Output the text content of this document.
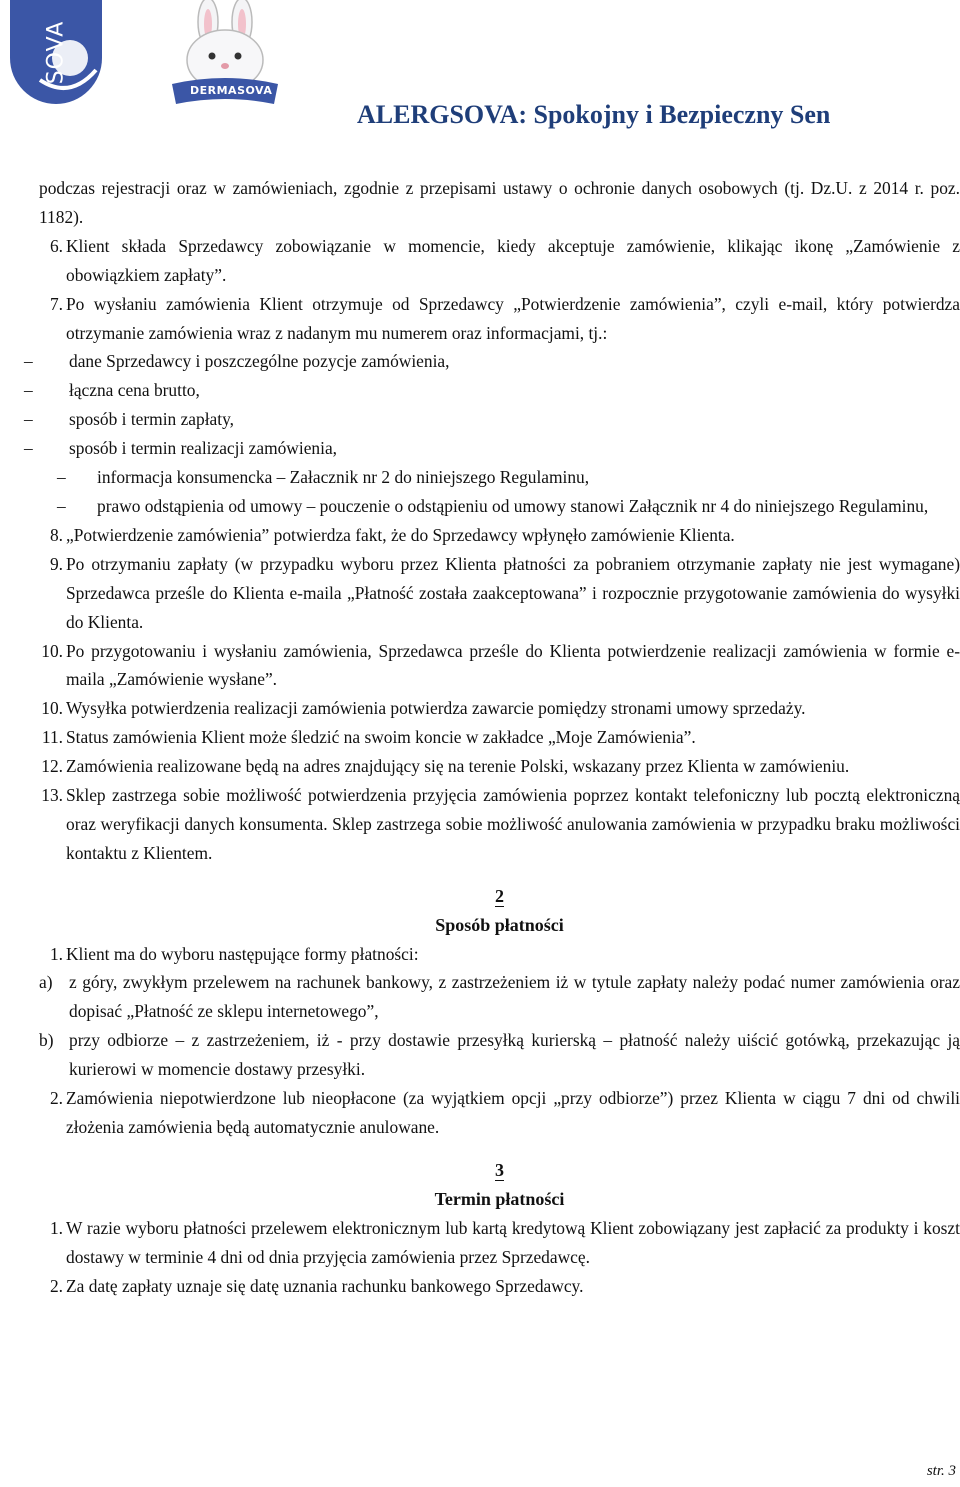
SOVA
DERMASOVA
ALERGSOVA: Spokojny i Bezpieczny Sen

podczas rejestracji oraz w zamówieniach, zgodnie z przepisami ustawy o ochronie danych osobowych (tj. Dz.U. z 2014 r. poz. 1182).

6. Klient składa Sprzedawcy zobowiązanie w momencie, kiedy akceptuje zamówienie, klikając ikonę „Zamówienie z obowiązkiem zapłaty”.

7. Po wysłaniu zamówienia Klient otrzymuje od Sprzedawcy „Potwierdzenie zamówienia”, czyli e-mail, który potwierdza otrzymanie zamówienia wraz z nadanym mu numerem oraz informacjami, tj.:

– dane Sprzedawcy i poszczególne pozycje zamówienia,

– łączna cena brutto,

– sposób i termin zapłaty,

– sposób i termin realizacji zamówienia,

– informacja konsumencka – Załacznik nr 2 do niniejszego Regulaminu,

– prawo odstąpienia od umowy – pouczenie o odstąpieniu od umowy stanowi Załącznik nr 4 do niniejszego Regulaminu,

8. „Potwierdzenie zamówienia” potwierdza fakt, że do Sprzedawcy wpłynęło zamówienie Klienta.

9. Po otrzymaniu zapłaty (w przypadku wyboru przez Klienta płatności za pobraniem otrzymanie zapłaty nie jest wymagane) Sprzedawca prześle do Klienta e-maila „Płatność została zaakceptowana” i rozpocznie przygotowanie zamówienia do wysyłki do Klienta.

10. Po przygotowaniu i wysłaniu zamówienia, Sprzedawca prześle do Klienta potwierdzenie realizacji zamówienia w formie e-maila „Zamówienie wysłane”.

10. Wysyłka potwierdzenia realizacji zamówienia potwierdza zawarcie pomiędzy stronami umowy sprzedaży.

11. Status zamówienia Klient może śledzić na swoim koncie w zakładce „Moje Zamówienia”.

12. Zamówienia realizowane będą na adres znajdujący się na terenie Polski, wskazany przez Klienta w zamówieniu.

13. Sklep zastrzega sobie możliwość potwierdzenia przyjęcia zamówienia poprzez kontakt telefoniczny lub pocztą elektroniczną oraz weryfikacji danych konsumenta. Sklep zastrzega sobie możliwość anulowania zamówienia w przypadku braku możliwości kontaktu z Klientem.

2

Sposób płatności

1. Klient ma do wyboru następujące formy płatności:

a) z góry, zwykłym przelewem na rachunek bankowy, z zastrzeżeniem iż w tytule zapłaty należy podać numer zamówienia oraz dopisać „Płatność ze sklepu internetowego”,

b) przy odbiorze – z zastrzeżeniem, iż - przy dostawie przesyłką kurierską – płatność należy uiścić gotówką, przekazując ją kurierowi w momencie dostawy przesyłki.

2. Zamówienia niepotwierdzone lub nieopłacone (za wyjątkiem opcji „przy odbiorze”) przez Klienta w ciągu 7 dni od chwili złożenia zamówienia będą automatycznie anulowane.

3

Termin płatności

1. W razie wyboru płatności przelewem elektronicznym lub kartą kredytową Klient zobowiązany jest zapłacić za produkty i koszt dostawy w terminie 4 dni od dnia przyjęcia zamówienia przez Sprzedawcę.

2. Za datę zapłaty uznaje się datę uznania rachunku bankowego Sprzedawcy.

str. 3
